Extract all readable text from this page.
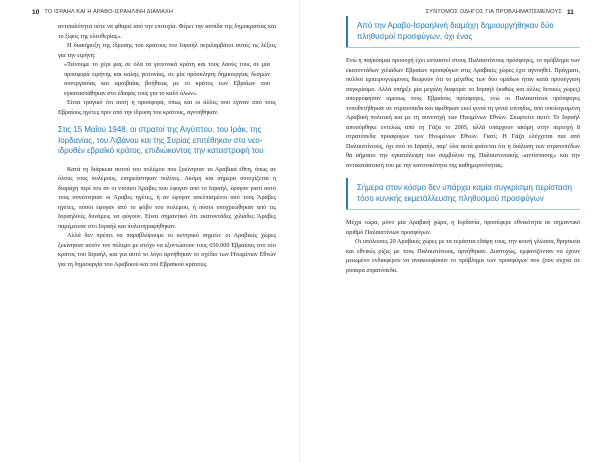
10 ΤΟ ΙΣΡΑΗΛ ΚΑΙ Η ΑΡΑΒΟ-ΙΣΡΑΗΛΙΝΗ ΔΙΑΜΑΧΗ

αντιπαλότητα ούτε να φθαρεί από την επιτυχία. Φέρει την ασπίδα της δημοκρατίας και το ξίφος της ελευθερίας».

Η διακήρυξη της ίδρυσης του κράτους του Ισραήλ περιλαμβάνει αυτές τις λέξεις για την ειρήνη:

«Τείνουμε το χέρι μας σε όλα τα γειτονικά κράτη και τους λαούς τους σε μία προσφορά ειρήνης και καλής γειτονίας, σε μία πρόσκληση δημιουργίας δεσμών συνεργασίας και αμοιβαίας βοήθειας με το κράτος των Εβραίων που εγκαταστάθηκαν στο έδαφός τους για το καλό όλων».

Είναι τραγικό ότι αυτή η προσφορά, όπως και οι άλλες που έγιναν από τους Εβραίους ηγέτες πριν από την ίδρυση του κράτους, αγνοήθηκαν.

Στις 15 Μαΐου 1948, οι στρατοί της Αιγύπτου, του Ιράκ, της Ιορδανίας, του Λιβάνου και της Συρίας επιτέθηκαν στο νεο-ιδρυθέν εβραϊκό κράτος, επιδιώκοντας την καταστροφή του

Κατά τη διάρκεια αυτού του πολέμου που ξεκίνησαν τα Αραβικά έθνη, όπως σε όλους τους πολέμους, επηρεάστηκαν πολίτες. Ακόμη και σήμερα συνεχίζεται η διαμάχη περί του αν οι ντόπιοι Άραβες που έφυγαν από το Ισραήλ, έφυγαν γιατί αυτό τους συνέστησαν οι Άραβες ηγέτες, ή αν έφυγαν απελπισμένοι από τους Άραβες ηγέτες, πόσοι έφυγαν από το φόβο του πολέμου, ή πόσοι υποχρεώθηκαν από τις Ισραηλινές δυνάμεις να φύγουν. Είναι σημαντικό ότι εκατοντάδες χιλιάδες Άραβες παρέμειναν στο Ισραήλ και πολιτογραφήθηκαν.

Αλλά δεν πρέπει να παραβλέψουμε το κεντρικό σημείο: οι Αραβικές χώρες ξεκίνησαν αυτόν τον πόλεμο με στόχο να εξοντώσουν τους 650.000 Εβραίους στο νέο κράτος του Ισραήλ, και για αυτό το λόγο αρνήθηκαν το σχέδιο των Ηνωμένων Εθνών για τη δημιουργία του Αραβικού και του Εβραϊκού κράτους.

ΣΥΝΤΟΜΟΣ ΟΔΗΓΟΣ ΓΙΑ ΠΡΟΒΛΗΜΑΤΙΣΜΕΝΟΥΣ 11
Από την Αραβο-Ισραηλινή διαμάχη δημιουργήθηκαν δύο πληθυσμοί προσφύγων, όχι ένας

Ενώ η παγκόσμια προσοχή έχει εστιαστεί στους Παλαιστίνιους πρόσφυγες, το πρόβλημα των εκατοντάδων χιλιάδων Εβραίων προσφύγων στις Αραβικές χώρες έχει αγνοηθεί. Πράγματι, πολλοί εμπειρογνώμονες θεωρούν ότι το μέγεθος των δύο ομάδων ήταν κατά προσέγγιση συγκρίσιμο. Αλλά υπήρξε μία μεγάλη διαφορά: το Ισραήλ (καθώς και άλλες δυτικές χώρες) απορρόφησαν αμέσως τους Εβραίους πρόσφυγες, ενώ οι Παλαιστίνιοι πρόσφυγες τοποθετήθηκαν σε στρατόπεδα και αφέθηκαν εκεί γενιά τη γενιά επίτηδες, από υπολογισμένη Αραβική πολιτική και με τη συνενοχή των Ηνωμένων Εθνών. Σκεφτείτε αυτό: Το Ισραήλ αποσύρθηκε εντελώς από τη Γάζα το 2005, αλλά υπάρχουν ακόμη στην περιοχή 8 στρατόπεδα προσφύγων των Ηνωμένων Εθνών. Γιατί; Η Γάζα ελέγχεται πια από Παλαιστίνιους, όχι από το Ισραήλ, παρ’ όλα αυτά φαίνεται ότι η διάλυση των στρατοπέδων θα σήμαινε την εγκατάλειψη του συμβόλου της Παλαιστινιακής «αντίστασης» και την αντικατάστασή του με την κανονικότητα της καθημερινότητας.

Σήμερα στον κόσμο δεν υπάρχει καμία συγκρίσιμη περίσταση τόσο κυνικής εκμετάλλευσης πληθυσμού προσφύγων

Μέχρι τώρα, μόνο μία Αραβική χώρα, η Ιορδανία, προσέφερε εθνικότητα σε σημαντικό αριθμό Παλαιστίνιων προσφύγων.

Οι υπόλοιπες 20 Αραβικές χώρες με τα τεράστια εδάφη τους, την κοινή γλώσσα, θρησκεία και εθνικές ρίζες με τους Παλαιστίνιους, αρνήθηκαν. Δυστυχώς, εμφανίζονταν να έχουν μειωμένο ενδιαφέρον να ανακουφίσουν το πρόβλημα των προσφύγων που ζουν συχνά σε ρυπαρά στρατόπεδα.
